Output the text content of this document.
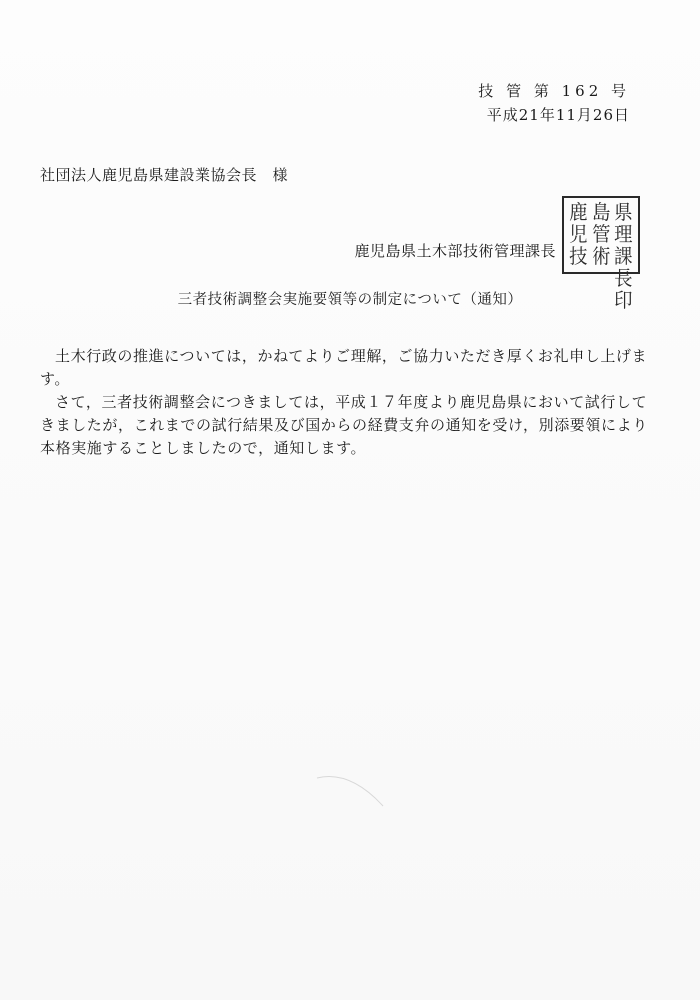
技 管 第 162 号
平成21年11月26日
社団法人鹿児島県建設業協会長　様
鹿児島県土木部技術管理課長
鹿 島 県
児 管 理
技 術 課長印
三者技術調整会実施要領等の制定について（通知）

土木行政の推進については，かねてよりご理解，ご協力いただき厚くお礼申し上げます。

さて，三者技術調整会につきましては，平成１７年度より鹿児島県において試行してきましたが，これまでの試行結果及び国からの経費支弁の通知を受け，別添要領により本格実施することしましたので，通知します。
